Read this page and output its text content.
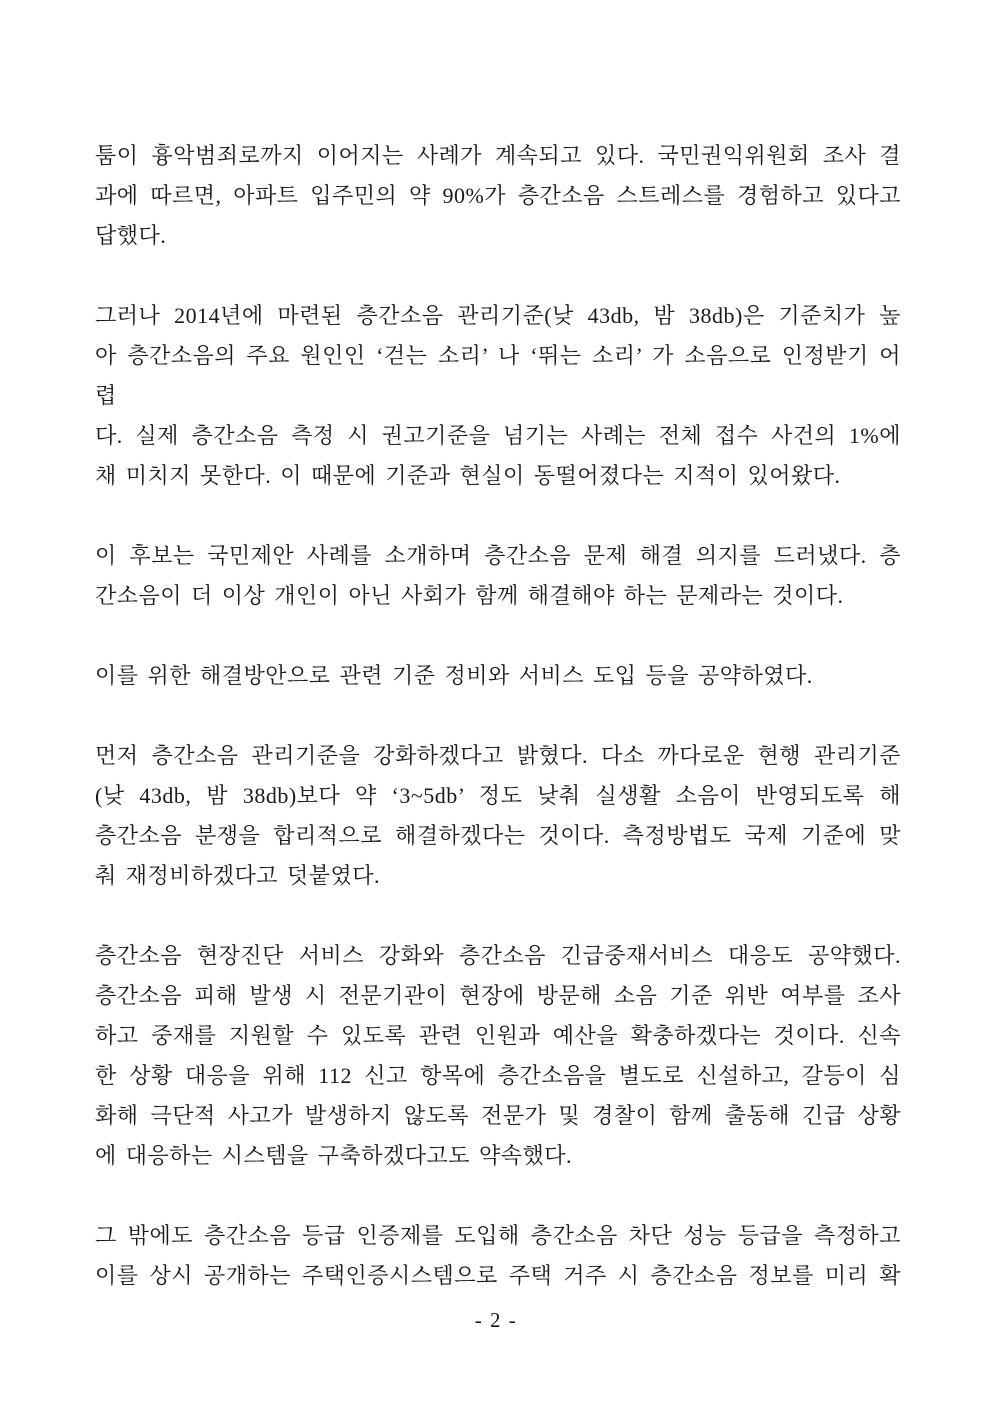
툼이 흉악범죄로까지 이어지는 사례가 계속되고 있다. 국민권익위원회 조사 결
과에 따르면, 아파트 입주민의 약 90%가 층간소음 스트레스를 경험하고 있다고
답했다.
그러나 2014년에 마련된 층간소음 관리기준(낮 43db, 밤 38db)은 기준치가 높
아 층간소음의 주요 원인인 ‘걷는 소리’ 나 ‘뛰는 소리’ 가 소음으로 인정받기 어렵
다. 실제 층간소음 측정 시 권고기준을 넘기는 사례는 전체 접수 사건의 1%에
채 미치지 못한다. 이 때문에 기준과 현실이 동떨어졌다는 지적이 있어왔다.
이 후보는 국민제안 사례를 소개하며 층간소음 문제 해결 의지를 드러냈다. 층
간소음이 더 이상 개인이 아닌 사회가 함께 해결해야 하는 문제라는 것이다.
이를 위한 해결방안으로 관련 기준 정비와 서비스 도입 등을 공약하였다.
먼저 층간소음 관리기준을 강화하겠다고 밝혔다. 다소 까다로운 현행 관리기준
(낮 43db, 밤 38db)보다 약 ‘3~5db’ 정도 낮춰 실생활 소음이 반영되도록 해
층간소음 분쟁을 합리적으로 해결하겠다는 것이다. 측정방법도 국제 기준에 맞
춰 재정비하겠다고 덧붙였다.
층간소음 현장진단 서비스 강화와 층간소음 긴급중재서비스 대응도 공약했다.
층간소음 피해 발생 시 전문기관이 현장에 방문해 소음 기준 위반 여부를 조사
하고 중재를 지원할 수 있도록 관련 인원과 예산을 확충하겠다는 것이다. 신속
한 상황 대응을 위해 112 신고 항목에 층간소음을 별도로 신설하고, 갈등이 심
화해 극단적 사고가 발생하지 않도록 전문가 및 경찰이 함께 출동해 긴급 상황
에 대응하는 시스템을 구축하겠다고도 약속했다.
그 밖에도 층간소음 등급 인증제를 도입해 층간소음 차단 성능 등급을 측정하고
이를 상시 공개하는 주택인증시스템으로 주택 거주 시 층간소음 정보를 미리 확
- 2 -
